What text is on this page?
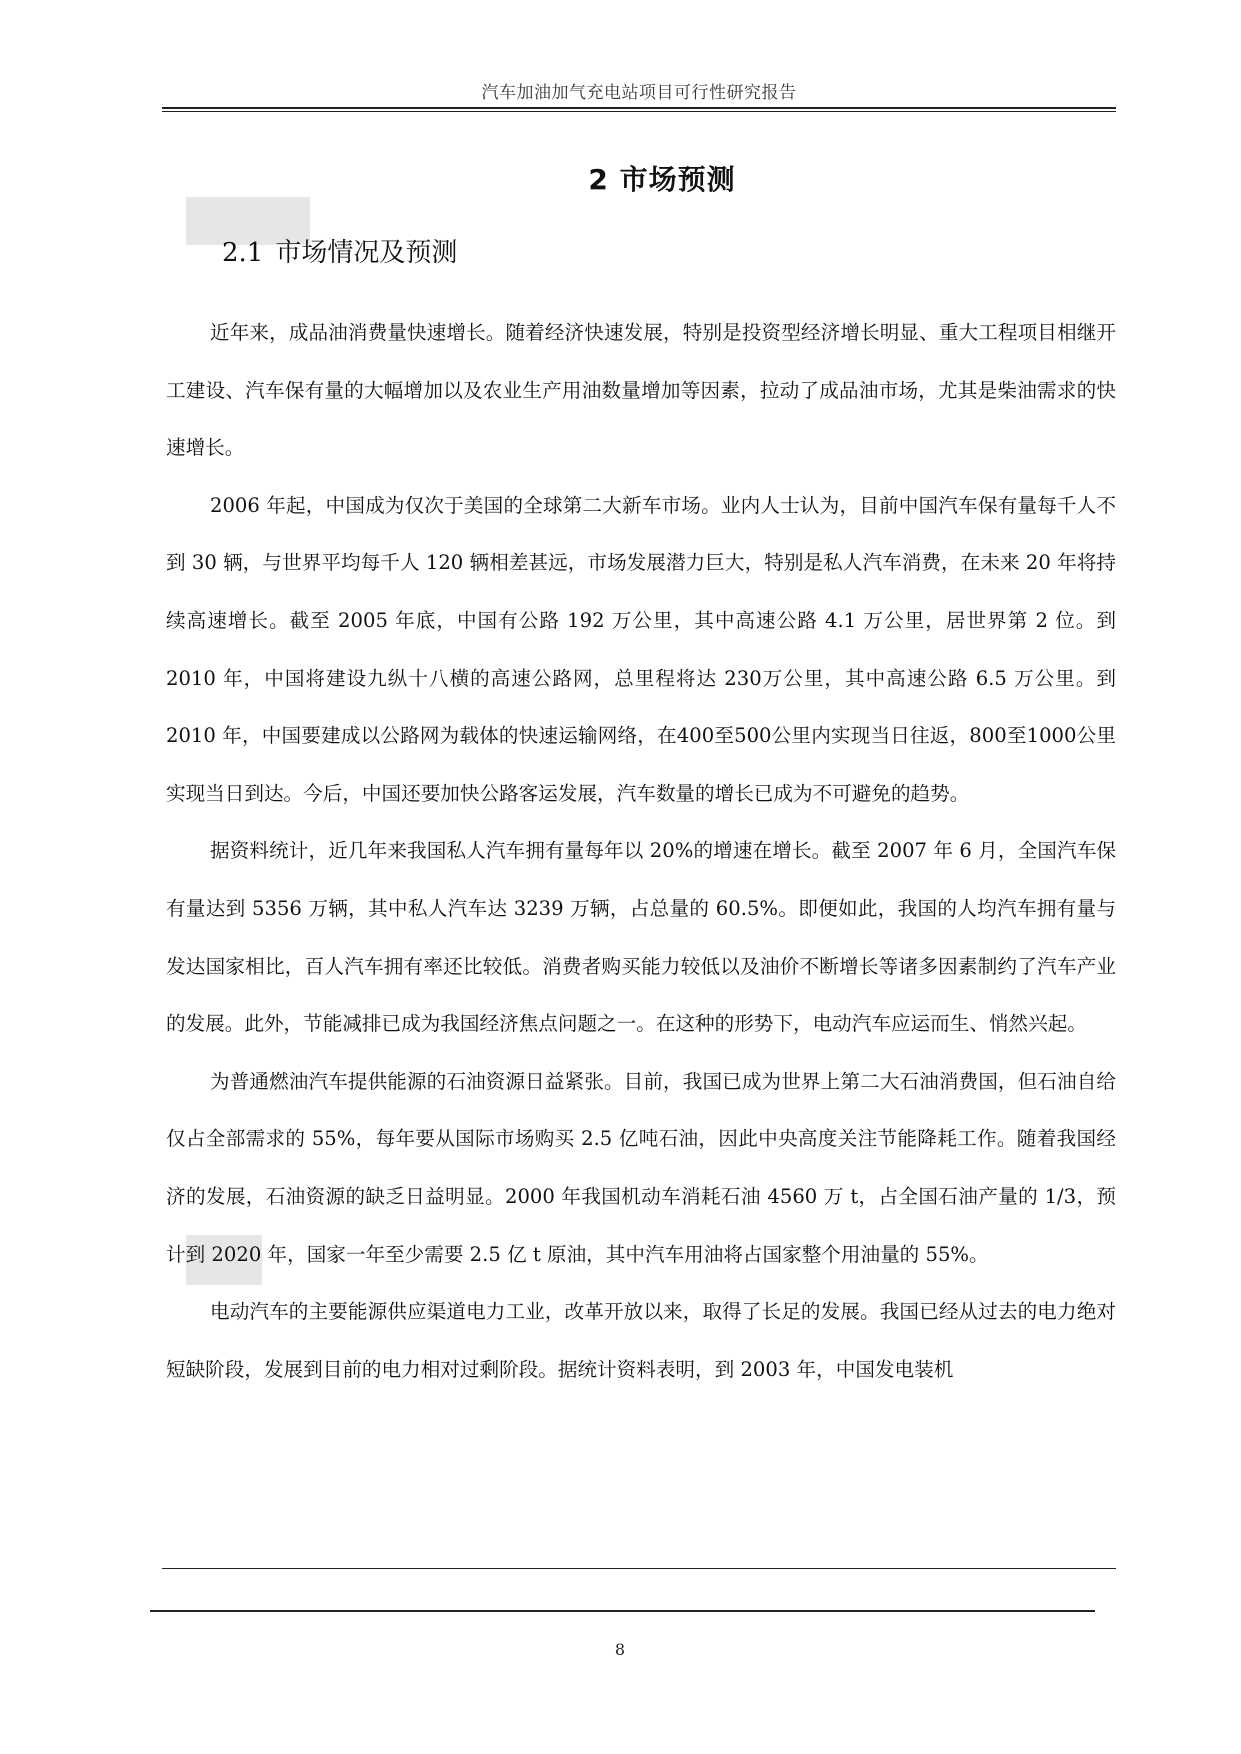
汽车加油加气充电站项目可行性研究报告
2 市场预测
2.1 市场情况及预测

近年来，成品油消费量快速增长。随着经济快速发展，特别是投资型经济增长明显、重大工程项目相继开工建设、汽车保有量的大幅增加以及农业生产用油数量增加等因素，拉动了成品油市场，尤其是柴油需求的快速增长。

2006 年起，中国成为仅次于美国的全球第二大新车市场。业内人士认为，目前中国汽车保有量每千人不到 30 辆，与世界平均每千人 120 辆相差甚远，市场发展潜力巨大，特别是私人汽车消费，在未来 20 年将持续高速增长。截至 2005 年底，中国有公路 192 万公里，其中高速公路 4.1 万公里，居世界第 2 位。到 2010 年，中国将建设九纵十八横的高速公路网，总里程将达 230万公里，其中高速公路 6.5 万公里。到 2010 年，中国要建成以公路网为载体的快速运输网络，在400至500公里内实现当日往返，800至1000公里实现当日到达。今后，中国还要加快公路客运发展，汽车数量的增长已成为不可避免的趋势。

据资料统计，近几年来我国私人汽车拥有量每年以 20%的增速在增长。截至 2007 年 6 月，全国汽车保有量达到 5356 万辆，其中私人汽车达 3239 万辆，占总量的 60.5%。即便如此，我国的人均汽车拥有量与发达国家相比，百人汽车拥有率还比较低。消费者购买能力较低以及油价不断增长等诸多因素制约了汽车产业的发展。此外，节能减排已成为我国经济焦点问题之一。在这种的形势下，电动汽车应运而生、悄然兴起。

为普通燃油汽车提供能源的石油资源日益紧张。目前，我国已成为世界上第二大石油消费国，但石油自给仅占全部需求的 55%，每年要从国际市场购买 2.5 亿吨石油，因此中央高度关注节能降耗工作。随着我国经济的发展，石油资源的缺乏日益明显。2000 年我国机动车消耗石油 4560 万 t，占全国石油产量的 1/3，预计到 2020 年，国家一年至少需要 2.5 亿 t 原油，其中汽车用油将占国家整个用油量的 55%。

电动汽车的主要能源供应渠道电力工业，改革开放以来，取得了长足的发展。我国已经从过去的电力绝对短缺阶段，发展到目前的电力相对过剩阶段。据统计资料表明，到 2003 年，中国发电装机

8
